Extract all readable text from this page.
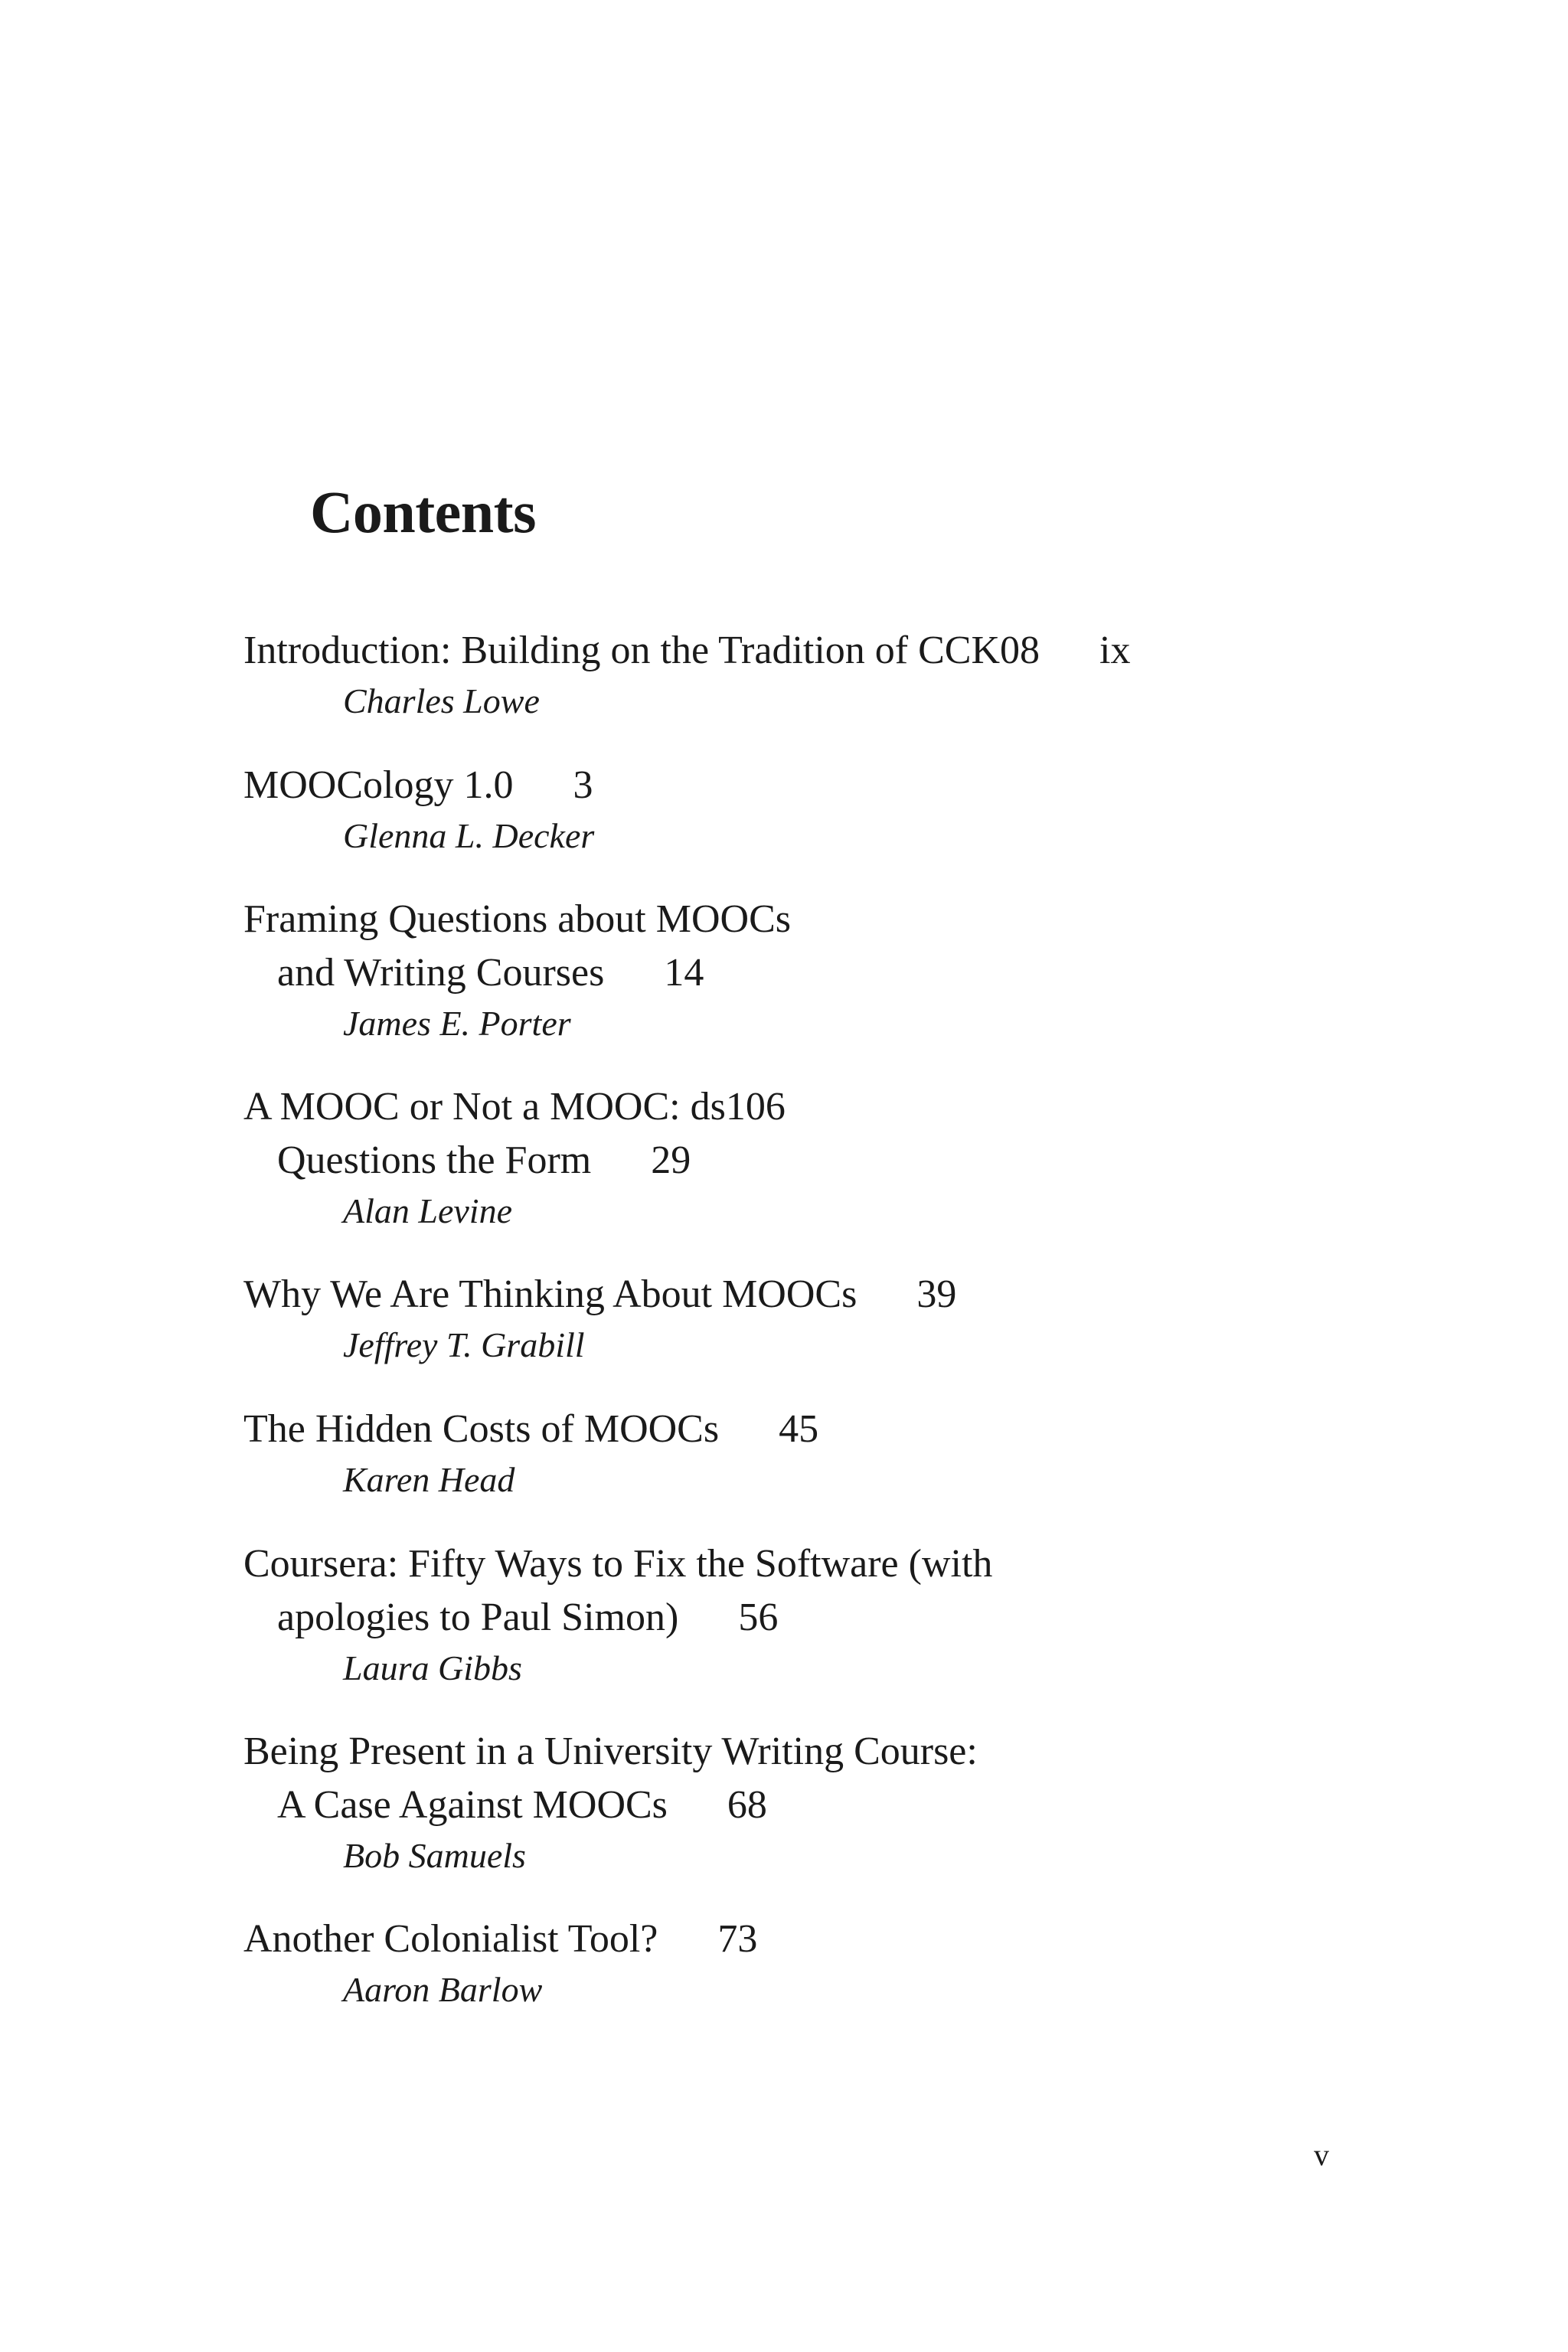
Contents
Introduction: Building on the Tradition of CCK08 ix
Charles Lowe
MOOCology 1.0 3
Glenna L. Decker
Framing Questions about MOOCs
and Writing Courses 14
James E. Porter
A MOOC or Not a MOOC: ds106
Questions the Form 29
Alan Levine
Why We Are Thinking About MOOCs 39
Jeffrey T. Grabill
The Hidden Costs of MOOCs 45
Karen Head
Coursera: Fifty Ways to Fix the Software (with
apologies to Paul Simon) 56
Laura Gibbs
Being Present in a University Writing Course:
A Case Against MOOCs 68
Bob Samuels
Another Colonialist Tool? 73
Aaron Barlow
v
